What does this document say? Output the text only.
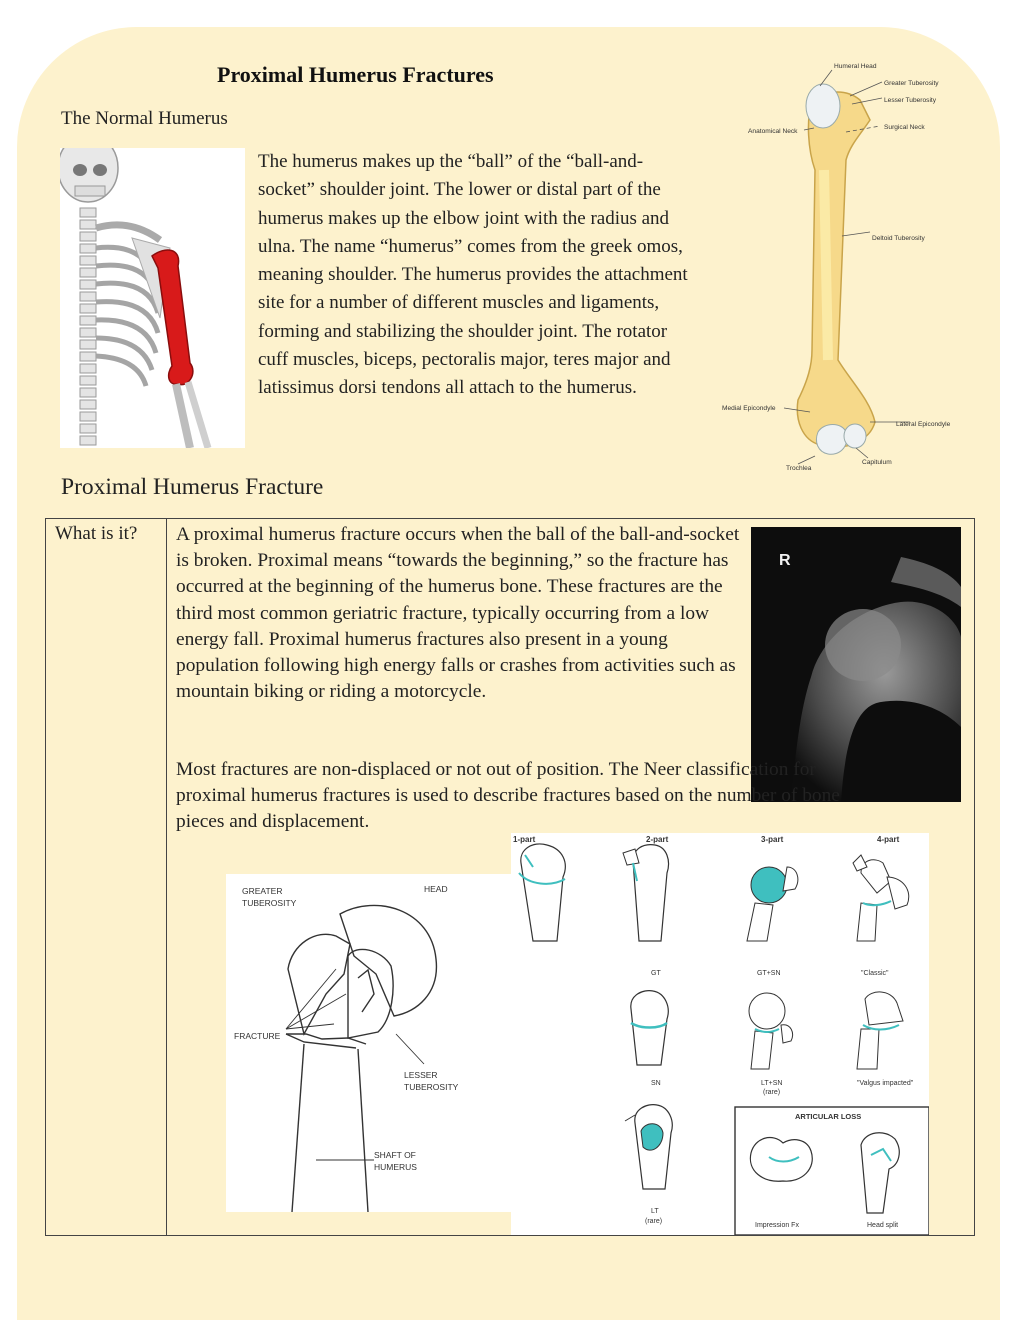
Proximal Humerus Fractures
The Normal Humerus
The humerus makes up the “ball” of the “ball-and-socket” shoulder joint. The lower or distal part of the humerus makes up the elbow joint with the radius and ulna. The name “humerus” comes from the greek omos, meaning shoulder. The humerus provides the attachment site for a number of different muscles and ligaments, forming and stabilizing the shoulder joint. The rotator cuff muscles, biceps, pectoralis major, teres major and latissimus dorsi tendons all attach to the humerus.
Humeral Head
Greater Tuberosity
Lesser Tuberosity
Anatomical Neck
Surgical Neck
Deltoid Tuberosity
Medial Epicondyle
Lateral Epicondyle
Trochlea
Capitulum
Proximal Humerus Fracture
What is it? A proximal humerus fracture occurs when the ball of the ball-and-socket is broken. Proximal means “towards the beginning,” so the fracture has occurred at the beginning of the humerus bone. These fractures are the third most common geriatric fracture, typically occurring from a low energy fall. Proximal humerus fractures also present in a young population following high energy falls or crashes from activities such as mountain biking or riding a motorcycle.
R
Most fractures are non-displaced or not out of position. The Neer classification for proximal humerus fractures is used to describe fractures based on the number of bone pieces and displacement.
GREATER
TUBEROSITY
HEAD
FRACTURE
LESSER
TUBEROSITY
SHAFT OF
HUMERUS
1-part	2-part	3-part	4-part
GT	GT+SN	"Classic"
SN	LT+SN
(rare)
"Valgus impacted"
LT
(rare)
ARTICULAR LOSS
Impression Fx	Head split
